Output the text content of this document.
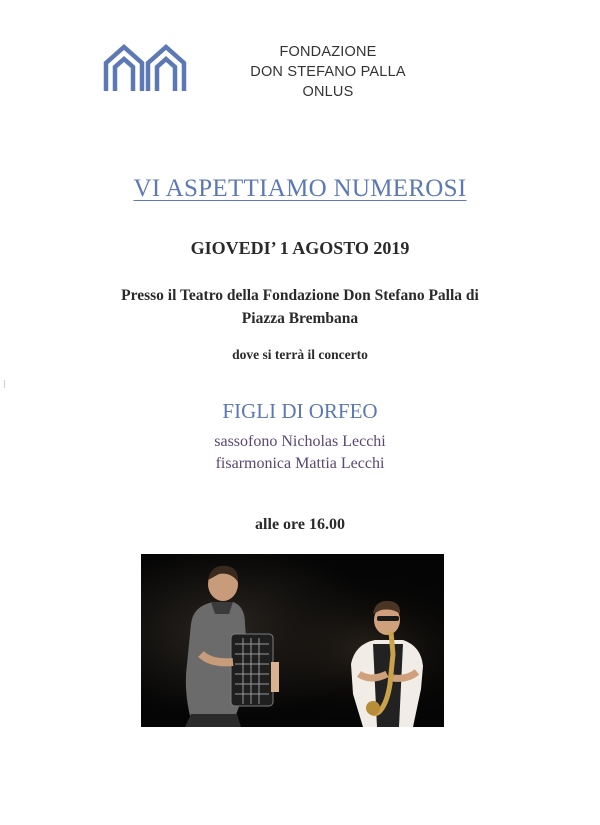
FONDAZIONE
DON STEFANO PALLA
ONLUS
VI ASPETTIAMO NUMEROSI
GIOVEDI’ 1 AGOSTO 2019
Presso il Teatro della Fondazione Don Stefano Palla di
Piazza Brembana
dove si terrà il concerto
FIGLI DI ORFEO
sassofono Nicholas Lecchi
fisarmonica Mattia Lecchi
alle ore 16.00
